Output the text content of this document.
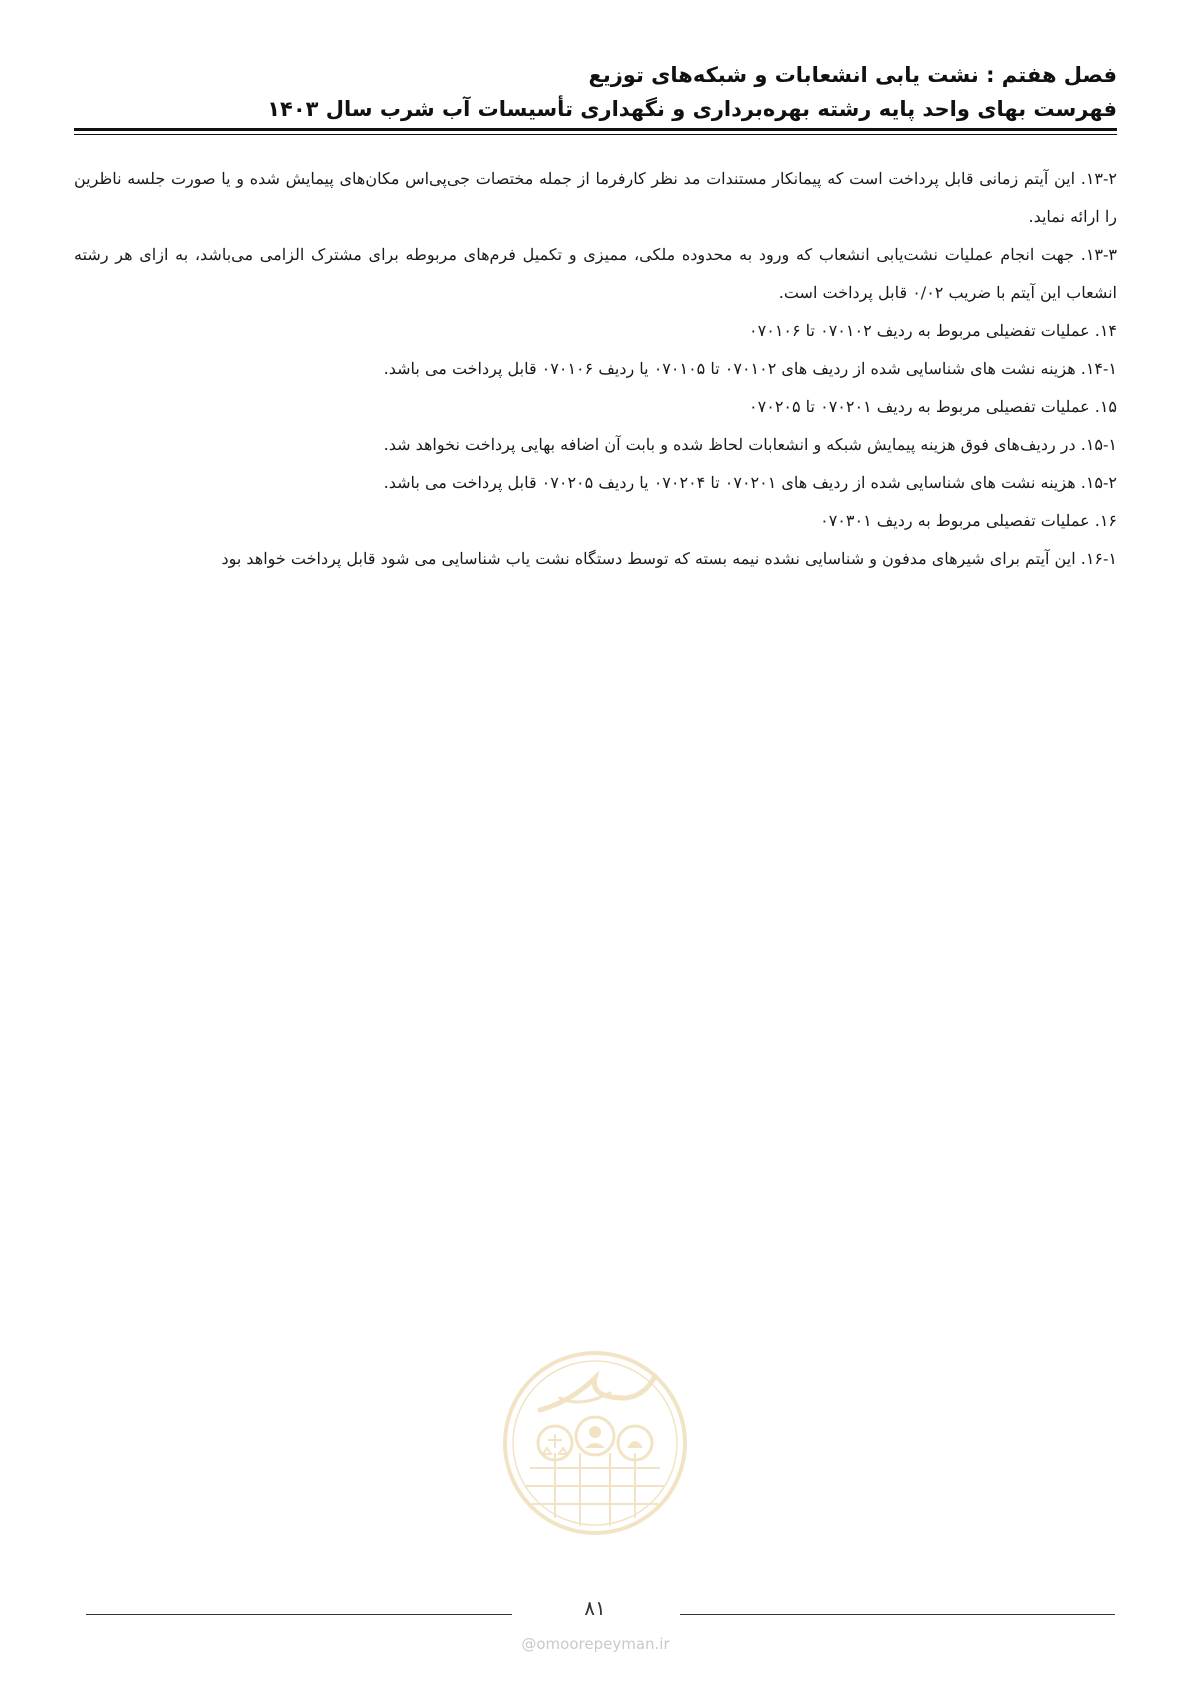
فصل هفتم : نشت یابی انشعابات و شبکه‌های توزیع
فهرست بهای واحد پایه رشته بهره‌برداری و نگهداری تأسیسات آب شرب سال ۱۴۰۳

۱۳-۲. این آیتم زمانی قابل پرداخت است که پیمانکار مستندات مد نظر کارفرما از جمله مختصات جی‌پی‌اس مکان‌های پیمایش شده و یا صورت جلسه ناظرین را ارائه نماید.

۱۳-۳. جهت انجام عملیات نشت‌یابی انشعاب که ورود به محدوده ملکی، ممیزی و تکمیل فرم‌های مربوطه برای مشترک الزامی می‌باشد، به ازای هر رشته انشعاب این آیتم با ضریب ۰/۰۲ قابل پرداخت است.

۱۴. عملیات تفضیلی مربوط به ردیف ۰۷۰۱۰۲ تا ۰۷۰۱۰۶

۱۴-۱. هزینه نشت های شناسایی شده از ردیف های ۰۷۰۱۰۲ تا ۰۷۰۱۰۵ یا ردیف ۰۷۰۱۰۶ قابل پرداخت می باشد.

۱۵. عملیات تفصیلی مربوط به ردیف ۰۷۰۲۰۱ تا ۰۷۰۲۰۵

۱۵-۱. در ردیف‌های فوق هزینه پیمایش شبکه و انشعابات لحاظ شده و بابت آن اضافه بهایی پرداخت نخواهد شد.

۱۵-۲. هزینه نشت های شناسایی شده از ردیف های ۰۷۰۲۰۱ تا ۰۷۰۲۰۴ یا ردیف ۰۷۰۲۰۵ قابل پرداخت می باشد.

۱۶. عملیات تفصیلی مربوط به ردیف ۰۷۰۳۰۱

۱۶-۱. این آیتم برای شیرهای مدفون و شناسایی نشده نیمه بسته که توسط دستگاه نشت یاب شناسایی می شود قابل پرداخت خواهد بود

۸۱
@omoorepeyman.ir
